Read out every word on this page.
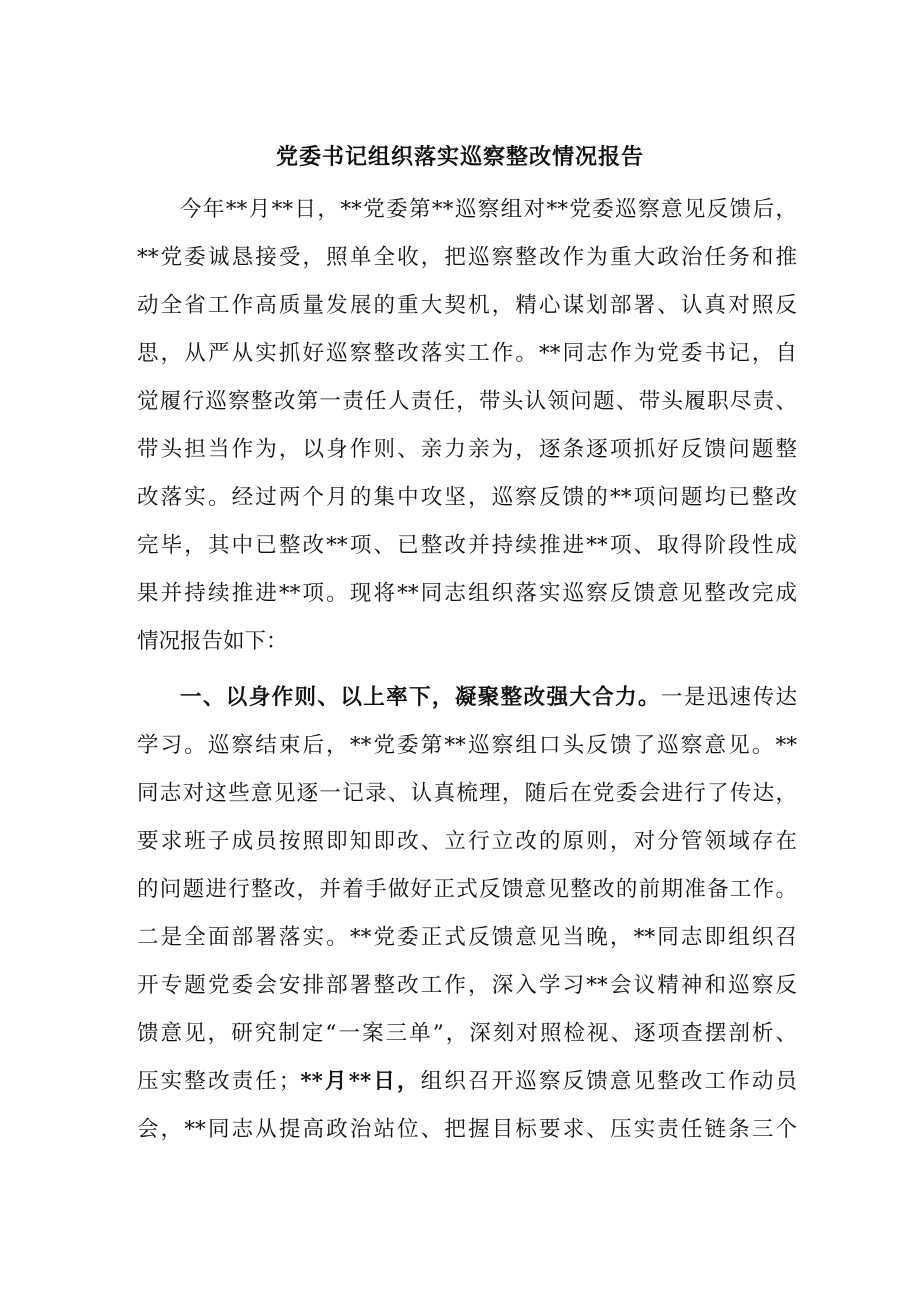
党委书记组织落实巡察整改情况报告
今年**月**日，**党委第**巡察组对**党委巡察意见反馈后，
**党委诚恳接受，照单全收，把巡察整改作为重大政治任务和推
动全省工作高质量发展的重大契机，精心谋划部署、认真对照反
思，从严从实抓好巡察整改落实工作。**同志作为党委书记，自
觉履行巡察整改第一责任人责任，带头认领问题、带头履职尽责、
带头担当作为，以身作则、亲力亲为，逐条逐项抓好反馈问题整
改落实。经过两个月的集中攻坚，巡察反馈的**项问题均已整改
完毕，其中已整改**项、已整改并持续推进**项、取得阶段性成
果并持续推进**项。现将**同志组织落实巡察反馈意见整改完成
情况报告如下：
一、以身作则、以上率下，凝聚整改强大合力。一是迅速传达
学习。巡察结束后，**党委第**巡察组口头反馈了巡察意见。**
同志对这些意见逐一记录、认真梳理，随后在党委会进行了传达，
要求班子成员按照即知即改、立行立改的原则，对分管领域存在
的问题进行整改，并着手做好正式反馈意见整改的前期准备工作。
二是全面部署落实。**党委正式反馈意见当晚，**同志即组织召
开专题党委会安排部署整改工作，深入学习**会议精神和巡察反
馈意见，研究制定“一案三单”，深刻对照检视、逐项查摆剖析、
压实整改责任；**月**日，组织召开巡察反馈意见整改工作动员
会，**同志从提高政治站位、把握目标要求、压实责任链条三个
